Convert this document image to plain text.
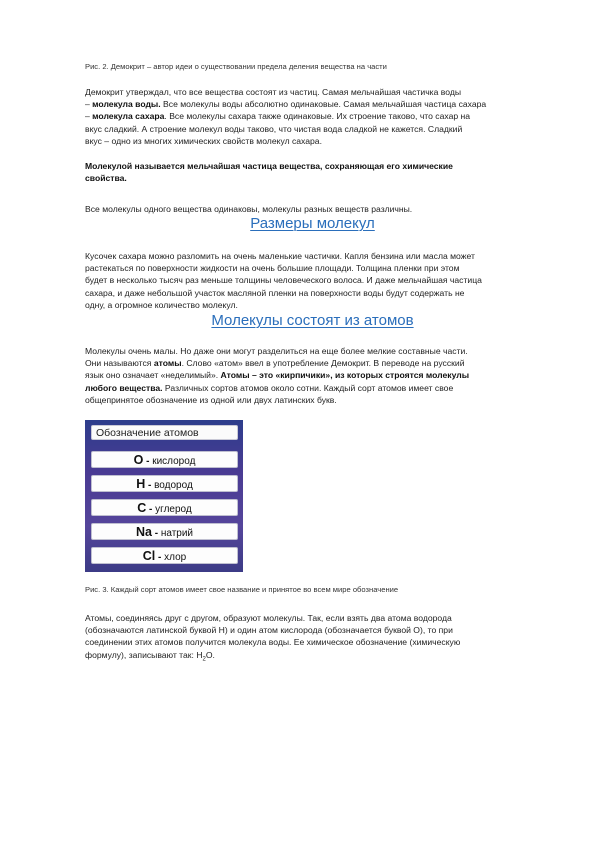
Рис. 2. Демокрит – автор идеи о существовании предела деления вещества на части
Демокрит утверждал, что все вещества состоят из частиц. Самая мельчайшая частичка воды
– молекула воды. Все молекулы воды абсолютно одинаковые. Самая мельчайшая частица сахара
– молекула сахара. Все молекулы сахара также одинаковые. Их строение таково, что сахар на
вкус сладкий. А строение молекул воды таково, что чистая вода сладкой не кажется. Сладкий
вкус – одно из многих химических свойств молекул сахара.
Молекулой называется мельчайшая частица вещества, сохраняющая его химические
свойства.
Все молекулы одного вещества одинаковы, молекулы разных веществ различны.
Размеры молекул
Кусочек сахара можно разломить на очень маленькие частички. Капля бензина или масла может
растекаться по поверхности жидкости на очень большие площади. Толщина пленки при этом
будет в несколько тысяч раз меньше толщины человеческого волоса. И даже мельчайшая частица
сахара, и даже небольшой участок масляной пленки на поверхности воды будут содержать не
одну, а огромное количество молекул.
Молекулы состоят из атомов
Молекулы очень малы. Но даже они могут разделиться на еще более мелкие составные части.
Они называются атомы. Слово «атом» ввел в употребление Демокрит. В переводе на русский
язык оно означает «неделимый». Атомы – это «кирпичики», из которых строятся молекулы
любого вещества. Различных сортов атомов около сотни. Каждый сорт атомов имеет свое
общепринятое обозначение из одной или двух латинских букв.
Обозначение атомов
O - кислород
H - водород
C - углерод
Na - натрий
Cl - хлор
Рис. 3. Каждый сорт атомов имеет свое название и принятое во всем мире обозначение
Атомы, соединяясь друг с другом, образуют молекулы. Так, если взять два атома водорода
(обозначаются латинской буквой H) и один атом кислорода (обозначается буквой O), то при
соединении этих атомов получится молекула воды. Ее химическое обозначение (химическую
формулу), записывают так: $H_2O$.
